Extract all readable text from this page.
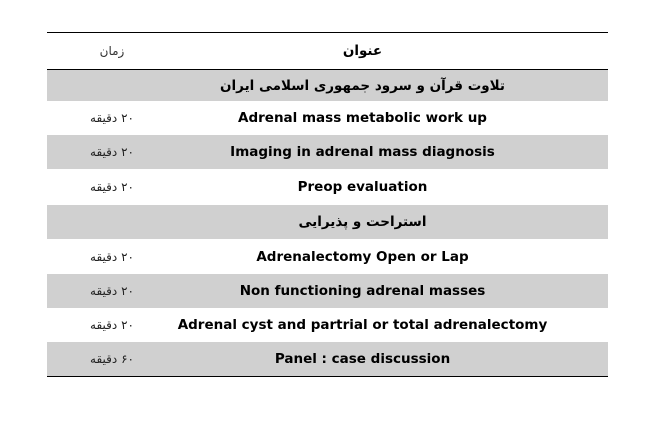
زمان	عنوان
تلاوت قرآن و سرود جمهوری اسلامی ایران
۲۰ دقیقه	Adrenal mass metabolic work up
۲۰ دقیقه	Imaging in adrenal mass diagnosis
۲۰ دقیقه	Preop evaluation
استراحت و پذیرایی
۲۰ دقیقه	Adrenalectomy Open or Lap
۲۰ دقیقه	Non functioning adrenal masses
۲۰ دقیقه	Adrenal cyst and partrial or total adrenalectomy
۶۰ دقیقه	Panel : case discussion
